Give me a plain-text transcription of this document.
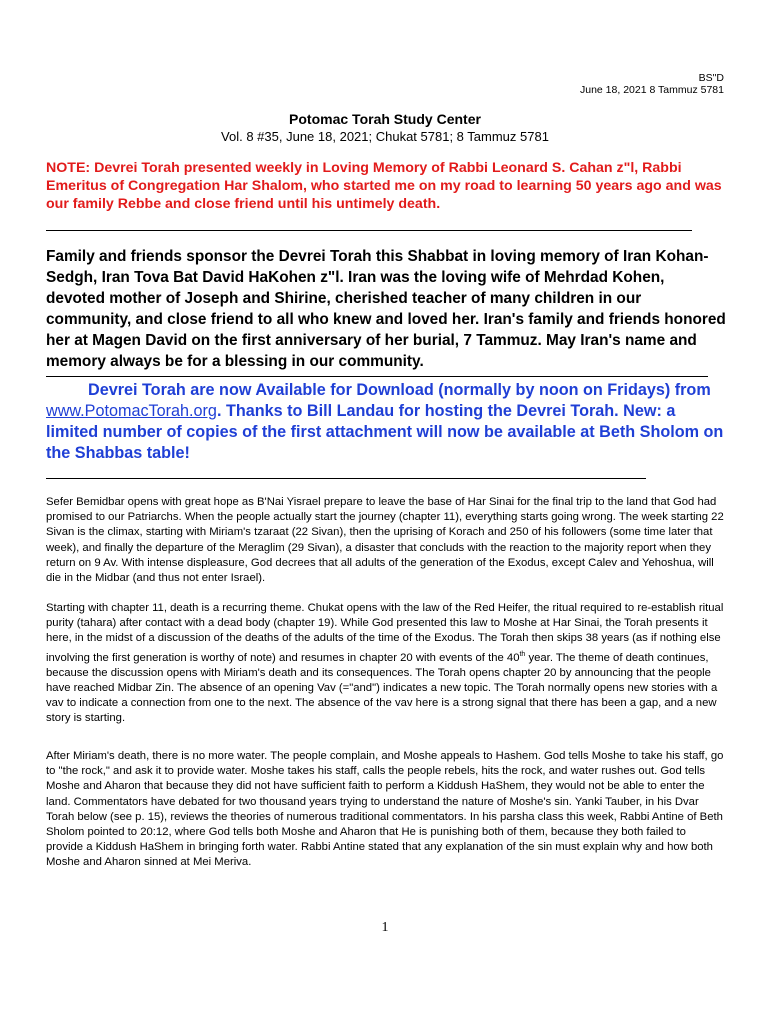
BS"D
June 18, 2021 8 Tammuz 5781
Potomac Torah Study Center
Vol. 8 #35, June 18, 2021; Chukat 5781; 8 Tammuz 5781
NOTE: Devrei Torah presented weekly in Loving Memory of Rabbi Leonard S. Cahan z"l, Rabbi Emeritus of Congregation Har Shalom, who started me on my road to learning 50 years ago and was our family Rebbe and close friend until his untimely death.
Family and friends sponsor the Devrei Torah this Shabbat in loving memory of Iran Kohan-Sedgh, Iran Tova Bat David HaKohen z"l. Iran was the loving wife of Mehrdad Kohen, devoted mother of Joseph and Shirine, cherished teacher of many children in our community, and close friend to all who knew and loved her. Iran's family and friends honored her at Magen David on the first anniversary of her burial, 7 Tammuz. May Iran's name and memory always be for a blessing in our community.
Devrei Torah are now Available for Download (normally by noon on Fridays) from www.PotomacTorah.org. Thanks to Bill Landau for hosting the Devrei Torah. New: a limited number of copies of the first attachment will now be available at Beth Sholom on the Shabbas table!

Sefer Bemidbar opens with great hope as B'Nai Yisrael prepare to leave the base of Har Sinai for the final trip to the land that God had promised to our Patriarchs. When the people actually start the journey (chapter 11), everything starts going wrong. The week starting 22 Sivan is the climax, starting with Miriam's tzaraat (22 Sivan), then the uprising of Korach and 250 of his followers (some time later that week), and finally the departure of the Meraglim (29 Sivan), a disaster that concluds with the reaction to the majority report when they return on 9 Av. With intense displeasure, God decrees that all adults of the generation of the Exodus, except Calev and Yehoshua, will die in the Midbar (and thus not enter Israel).

Starting with chapter 11, death is a recurring theme. Chukat opens with the law of the Red Heifer, the ritual required to re-establish ritual purity (tahara) after contact with a dead body (chapter 19). While God presented this law to Moshe at Har Sinai, the Torah presents it here, in the midst of a discussion of the deaths of the adults of the time of the Exodus. The Torah then skips 38 years (as if nothing else involving the first generation is worthy of note) and resumes in chapter 20 with events of the 40th year. The theme of death continues, because the discussion opens with Miriam's death and its consequences. The Torah opens chapter 20 by announcing that the people have reached Midbar Zin. The absence of an opening Vav (="and") indicates a new topic. The Torah normally opens new stories with a vav to indicate a connection from one to the next. The absence of the vav here is a strong signal that there has been a gap, and a new story is starting.

After Miriam's death, there is no more water. The people complain, and Moshe appeals to Hashem. God tells Moshe to take his staff, go to "the rock," and ask it to provide water. Moshe takes his staff, calls the people rebels, hits the rock, and water rushes out. God tells Moshe and Aharon that because they did not have sufficient faith to perform a Kiddush HaShem, they would not be able to enter the land. Commentators have debated for two thousand years trying to understand the nature of Moshe's sin. Yanki Tauber, in his Dvar Torah below (see p. 15), reviews the theories of numerous traditional commentators. In his parsha class this week, Rabbi Antine of Beth Sholom pointed to 20:12, where God tells both Moshe and Aharon that He is punishing both of them, because they both failed to provide a Kiddush HaShem in bringing forth water. Rabbi Antine stated that any explanation of the sin must explain why and how both Moshe and Aharon sinned at Mei Meriva.

1
